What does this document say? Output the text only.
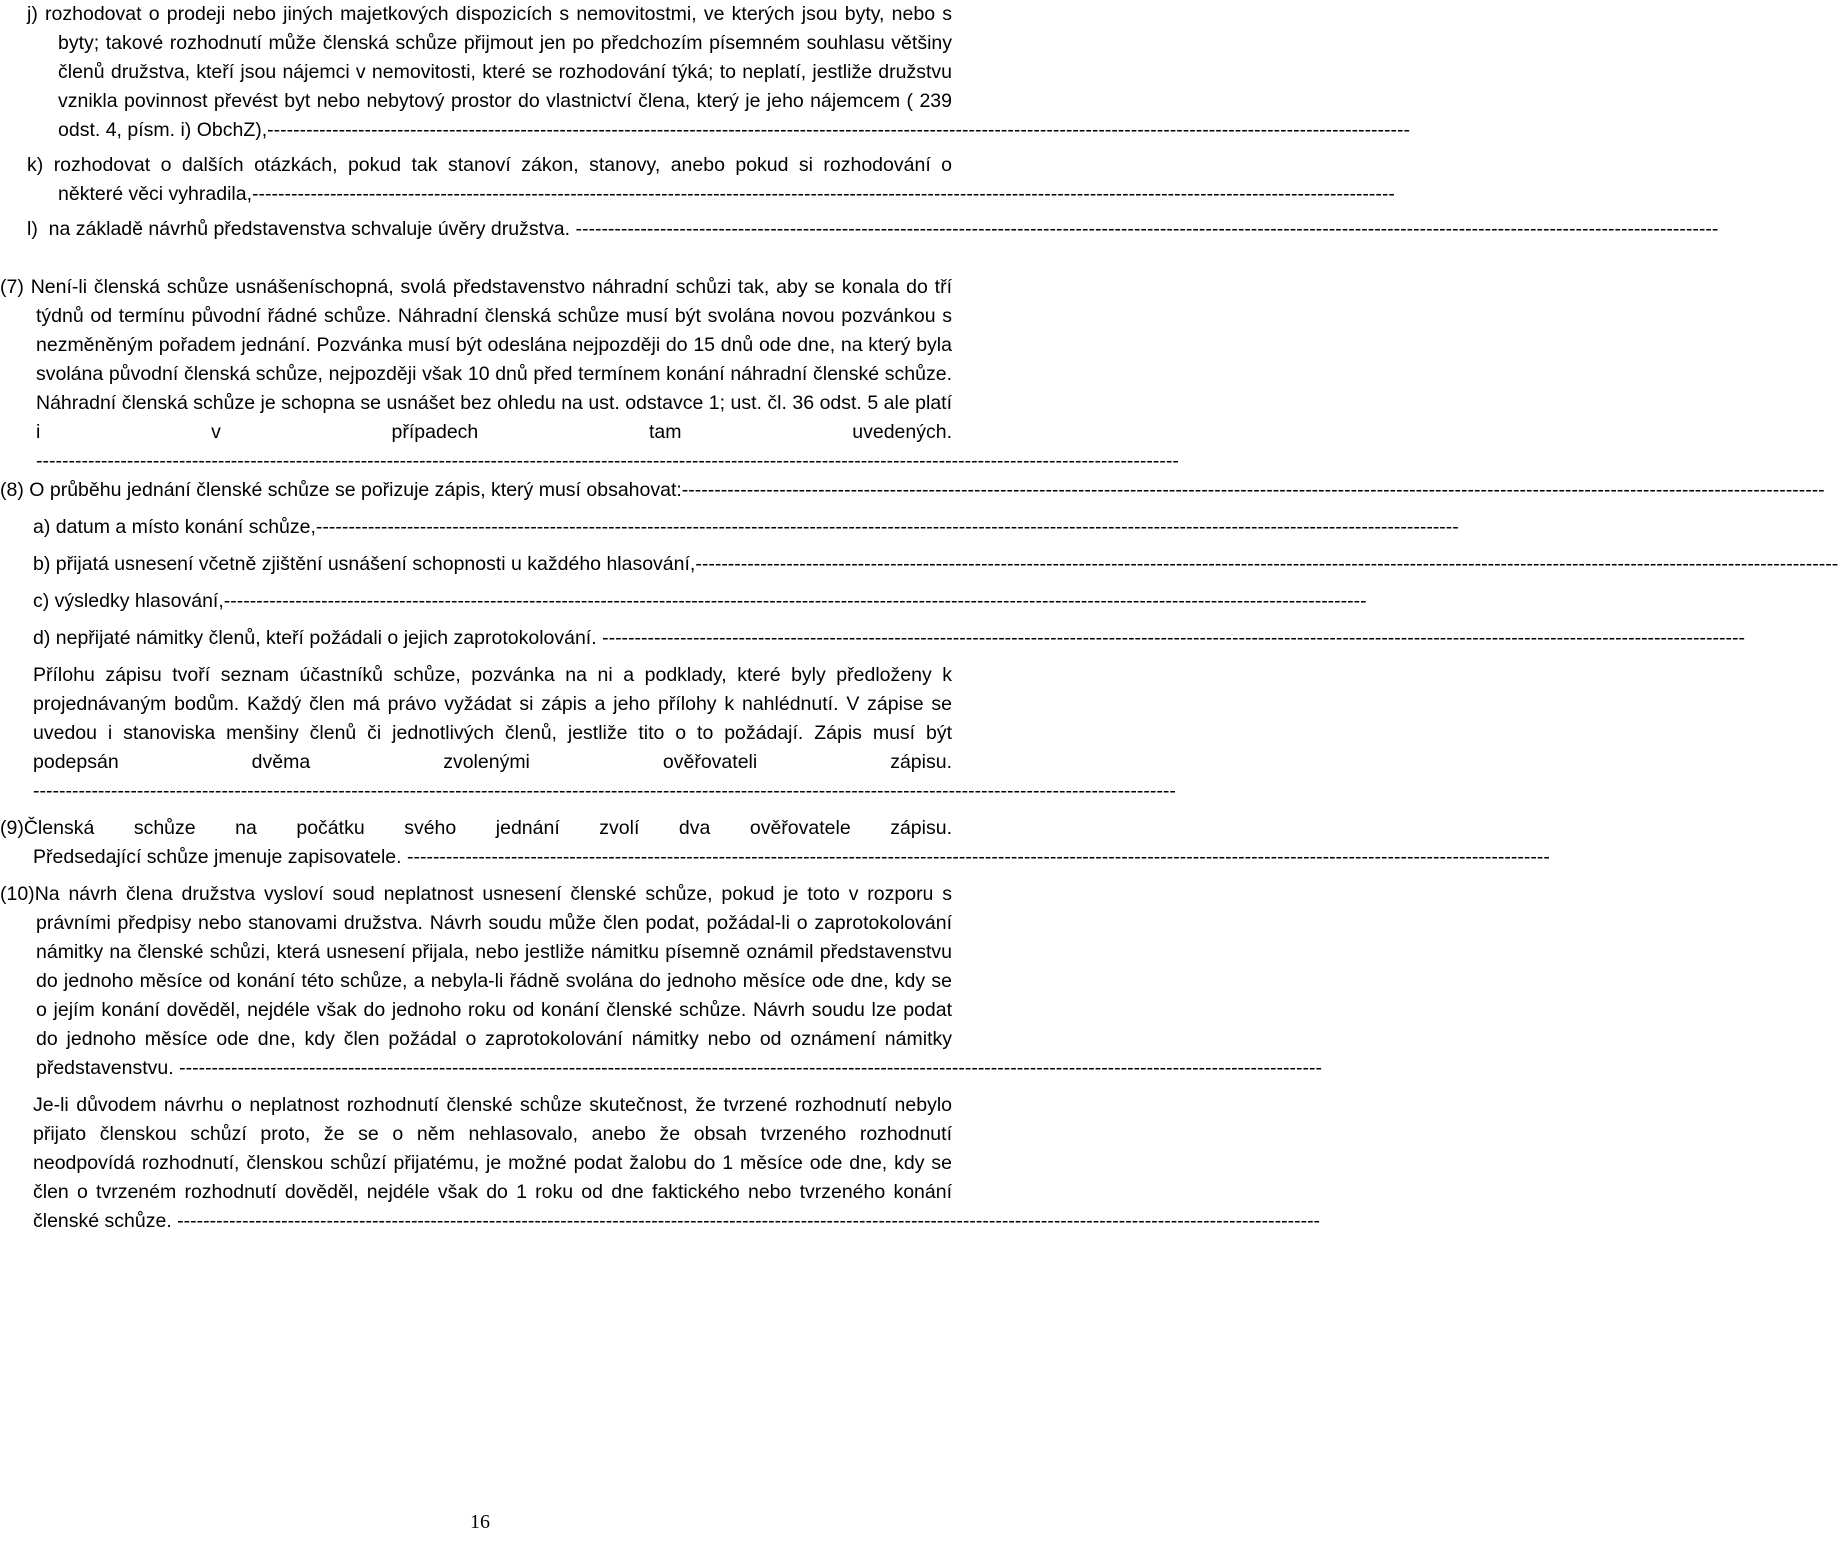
j) rozhodovat o prodeji nebo jiných majetkových dispozicích s nemovitostmi, ve kterých jsou byty, nebo s byty; takové rozhodnutí může členská schůze přijmout jen po předchozím písemném souhlasu většiny členů družstva, kteří jsou nájemci v nemovitosti, které se rozhodování týká; to neplatí, jestliže družstvu vznikla povinnost převést byt nebo nebytový prostor do vlastnictví člena, který je jeho nájemcem ( 239 odst. 4, písm. i) ObchZ),--------------------------------------------------------------------------------------------------------------------------------------------------------------------------------
k) rozhodovat o dalších otázkách, pokud tak stanoví zákon, stanovy, anebo pokud si rozhodování o některé věci vyhradila,--------------------------------------------------------------------------------------------------------------------------------------------------------------------------------
l) na základě návrhů představenstva schvaluje úvěry družstva. --------------------------------------------------------------------------------------------------------------------------------------------------------------------------------
(7) Není-li členská schůze usnášeníschopná, svolá představenstvo náhradní schůzi tak, aby se konala do tří týdnů od termínu původní řádné schůze. Náhradní členská schůze musí být svolána novou pozvánkou s nezměněným pořadem jednání. Pozvánka musí být odeslána nejpozději do 15 dnů ode dne, na který byla svolána původní členská schůze, nejpozději však 10 dnů před termínem konání náhradní členské schůze. Náhradní členská schůze je schopna se usnášet bez ohledu na ust. odstavce 1; ust. čl. 36 odst. 5 ale platí i v případech tam uvedených.--------------------------------------------------------------------------------------------------------------------------------------------------------------------------------
(8) O průběhu jednání členské schůze se pořizuje zápis, který musí obsahovat:--------------------------------------------------------------------------------------------------------------------------------------------------------------------------------
a) datum a místo konání schůze,--------------------------------------------------------------------------------------------------------------------------------------------------------------------------------
b) přijatá usnesení včetně zjištění usnášení schopnosti u každého hlasování,--------------------------------------------------------------------------------------------------------------------------------------------------------------------------------
c) výsledky hlasování,--------------------------------------------------------------------------------------------------------------------------------------------------------------------------------
d) nepřijaté námitky členů, kteří požádali o jejich zaprotokolování. --------------------------------------------------------------------------------------------------------------------------------------------------------------------------------
Přílohu zápisu tvoří seznam účastníků schůze, pozvánka na ni a podklady, které byly předloženy k projednávaným bodům. Každý člen má právo vyžádat si zápis a jeho přílohy k nahlédnutí. V zápise se uvedou i stanoviska menšiny členů či jednotlivých členů, jestliže tito o to požádají. Zápis musí být podepsán dvěma zvolenými ověřovateli zápisu. --------------------------------------------------------------------------------------------------------------------------------------------------------------------------------
(9)Členská schůze na počátku svého jednání zvolí dva ověřovatele zápisu.
Předsedající schůze jmenuje zapisovatele. --------------------------------------------------------------------------------------------------------------------------------------------------------------------------------
(10)Na návrh člena družstva vysloví soud neplatnost usnesení členské schůze, pokud je toto v rozporu s právními předpisy nebo stanovami družstva. Návrh soudu může člen podat, požádal-li o zaprotokolování námitky na členské schůzi, která usnesení přijala, nebo jestliže námitku písemně oznámil představenstvu do jednoho měsíce od konání této schůze, a nebyla-li řádně svolána do jednoho měsíce ode dne, kdy se o jejím konání dověděl, nejdéle však do jednoho roku od konání členské schůze. Návrh soudu lze podat do jednoho měsíce ode dne, kdy člen požádal o zaprotokolování námitky nebo od oznámení námitky představenstvu. --------------------------------------------------------------------------------------------------------------------------------------------------------------------------------
Je-li důvodem návrhu o neplatnost rozhodnutí členské schůze skutečnost, že tvrzené rozhodnutí nebylo přijato členskou schůzí proto, že se o něm nehlasovalo, anebo že obsah tvrzeného rozhodnutí neodpovídá rozhodnutí, členskou schůzí přijatému, je možné podat žalobu do 1 měsíce ode dne, kdy se člen o tvrzeném rozhodnutí dověděl, nejdéle však do 1 roku od dne faktického nebo tvrzeného konání členské schůze. --------------------------------------------------------------------------------------------------------------------------------------------------------------------------------
16
